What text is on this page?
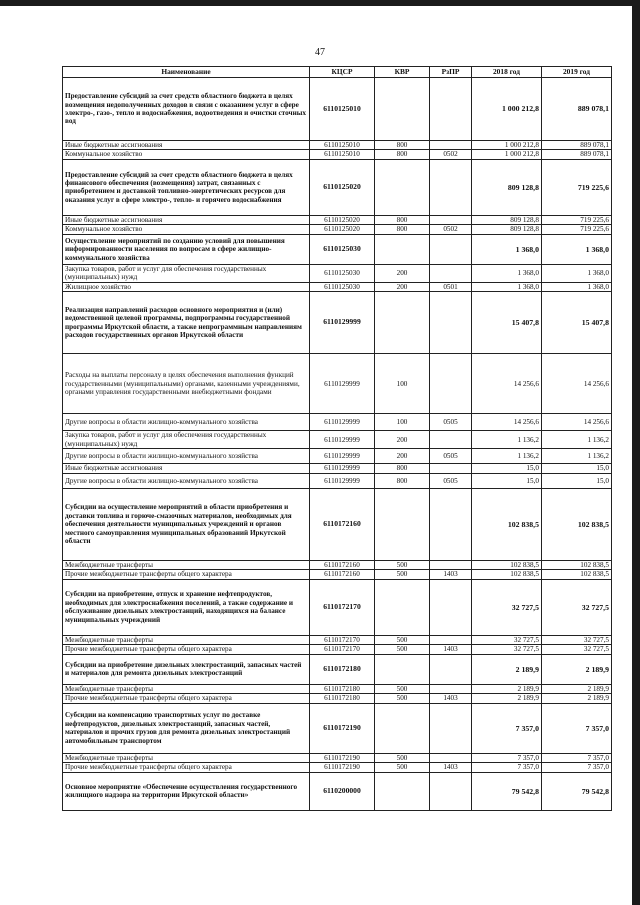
47
Наименование	КЦСР	КВР	РзПР	2018 год	2019 год
Предоставление субсидий за счет средств областного бюджета в целях возмещения недополученных доходов в связи с оказанием услуг в сфере электро-, газо-, тепло и водоснабжения, водоотведения и очистки сточных вод	6110125010			1 000 212,8	889 078,1
Иные бюджетные ассигнования	6110125010	800		1 000 212,8	889 078,1
Коммунальное хозяйство	6110125010	800	0502	1 000 212,8	889 078,1
Предоставление субсидий за счет средств областного бюджета в целях финансового обеспечения (возмещения) затрат, связанных с приобретением и доставкой топливно-энергетических ресурсов для оказания услуг в сфере электро-, тепло- и горячего водоснабжения	6110125020			809 128,8	719 225,6
Иные бюджетные ассигнования	6110125020	800		809 128,8	719 225,6
Коммунальное хозяйство	6110125020	800	0502	809 128,8	719 225,6
Осуществление мероприятий по созданию условий для повышения информированности населения по вопросам в сфере жилищно-коммунального хозяйства	6110125030			1 368,0	1 368,0
Закупка товаров, работ и услуг для обеспечения государственных (муниципальных) нужд	6110125030	200		1 368,0	1 368,0
Жилищное хозяйство	6110125030	200	0501	1 368,0	1 368,0
Реализация направлений расходов основного мероприятия и (или) ведомственной целевой программы, подпрограммы государственной программы Иркутской области, а также непрограммным направлениям расходов государственных органов Иркутской области	6110129999			15 407,8	15 407,8
Расходы на выплаты персоналу в целях обеспечения выполнения функций государственными (муниципальными) органами, казенными учреждениями, органами управления государственными внебюджетными фондами	6110129999	100		14 256,6	14 256,6
Другие вопросы в области жилищно-коммунального хозяйства	6110129999	100	0505	14 256,6	14 256,6
Закупка товаров, работ и услуг для обеспечения государственных (муниципальных) нужд	6110129999	200		1 136,2	1 136,2
Другие вопросы в области жилищно-коммунального хозяйства	6110129999	200	0505	1 136,2	1 136,2
Иные бюджетные ассигнования	6110129999	800		15,0	15,0
Другие вопросы в области жилищно-коммунального хозяйства	6110129999	800	0505	15,0	15,0
Субсидии на осуществление мероприятий в области приобретения и доставки топлива и горюче-смазочных материалов, необходимых для обеспечения деятельности муниципальных учреждений и органов местного самоуправления муниципальных образований Иркутской области	6110172160			102 838,5	102 838,5
Межбюджетные трансферты	6110172160	500		102 838,5	102 838,5
Прочие межбюджетные трансферты общего характера	6110172160	500	1403	102 838,5	102 838,5
Субсидии на приобретение, отпуск и хранение нефтепродуктов, необходимых для электроснабжения поселений, а также содержание и обслуживание дизельных электростанций, находящихся на балансе муниципальных учреждений	6110172170			32 727,5	32 727,5
Межбюджетные трансферты	6110172170	500		32 727,5	32 727,5
Прочие межбюджетные трансферты общего характера	6110172170	500	1403	32 727,5	32 727,5
Субсидии на приобретение дизельных электростанций, запасных частей и материалов для ремонта дизельных электростанций	6110172180			2 189,9	2 189,9
Межбюджетные трансферты	6110172180	500		2 189,9	2 189,9
Прочие межбюджетные трансферты общего характера	6110172180	500	1403	2 189,9	2 189,9
Субсидии на компенсацию транспортных услуг по доставке нефтепродуктов, дизельных электростанций, запасных частей, материалов и прочих грузов для ремонта дизельных электростанций автомобильным транспортом	6110172190			7 357,0	7 357,0
Межбюджетные трансферты	6110172190	500		7 357,0	7 357,0
Прочие межбюджетные трансферты общего характера	6110172190	500	1403	7 357,0	7 357,0
Основное мероприятие «Обеспечение осуществления государственного жилищного надзора на территории Иркутской области»	6110200000			79 542,8	79 542,8
